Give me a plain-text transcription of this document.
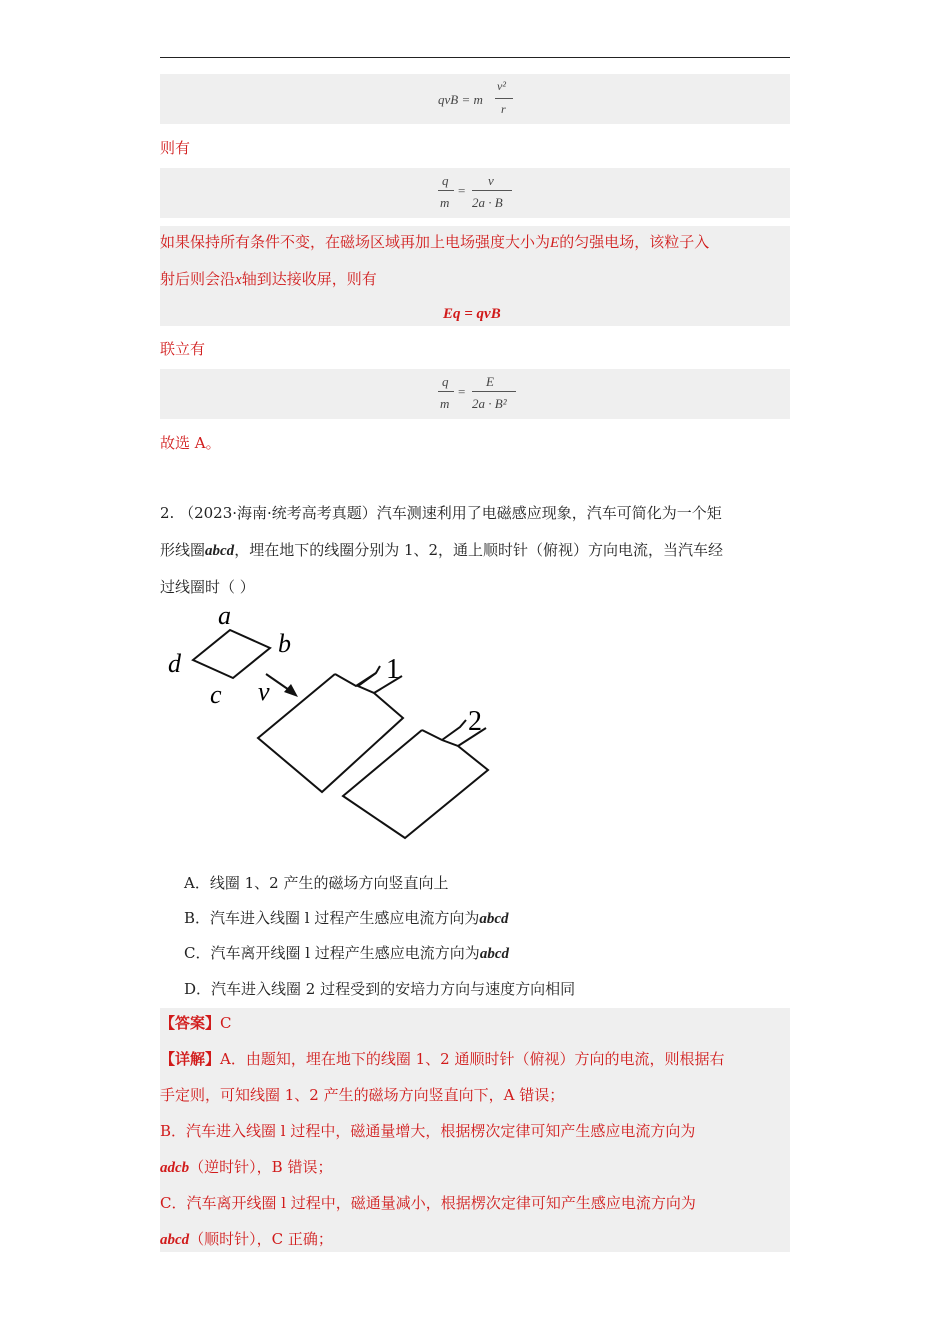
qvB = m
v²
r
则有
q
m
=
v
2a · B
如果保持所有条件不变，在磁场区域再加上电场强度大小为E的匀强电场，该粒子入
射后则会沿x轴到达接收屏，则有
Eq = qvB
联立有
q
m
=
E
2a · B²
故选 A。
2. （2023·海南·统考高考真题）汽车测速利用了电磁感应现象，汽车可简化为一个矩
形线圈abcd，埋在地下的线圈分别为 1、2，通上顺时针（俯视）方向电流，当汽车经
过线圈时（ ）
a
b
c
d
v
1
2
A．线圈 1、2 产生的磁场方向竖直向上
B．汽车进入线圈 l 过程产生感应电流方向为abcd
C．汽车离开线圈 l 过程产生感应电流方向为abcd
D．汽车进入线圈 2 过程受到的安培力方向与速度方向相同
【答案】C
【详解】A．由题知，埋在地下的线圈 1、2 通顺时针（俯视）方向的电流，则根据右
手定则，可知线圈 1、2 产生的磁场方向竖直向下，A 错误；
B．汽车进入线圈 l 过程中，磁通量增大，根据楞次定律可知产生感应电流方向为
adcb（逆时针），B 错误；
C．汽车离开线圈 l 过程中，磁通量减小，根据楞次定律可知产生感应电流方向为
abcd（顺时针），C 正确；
